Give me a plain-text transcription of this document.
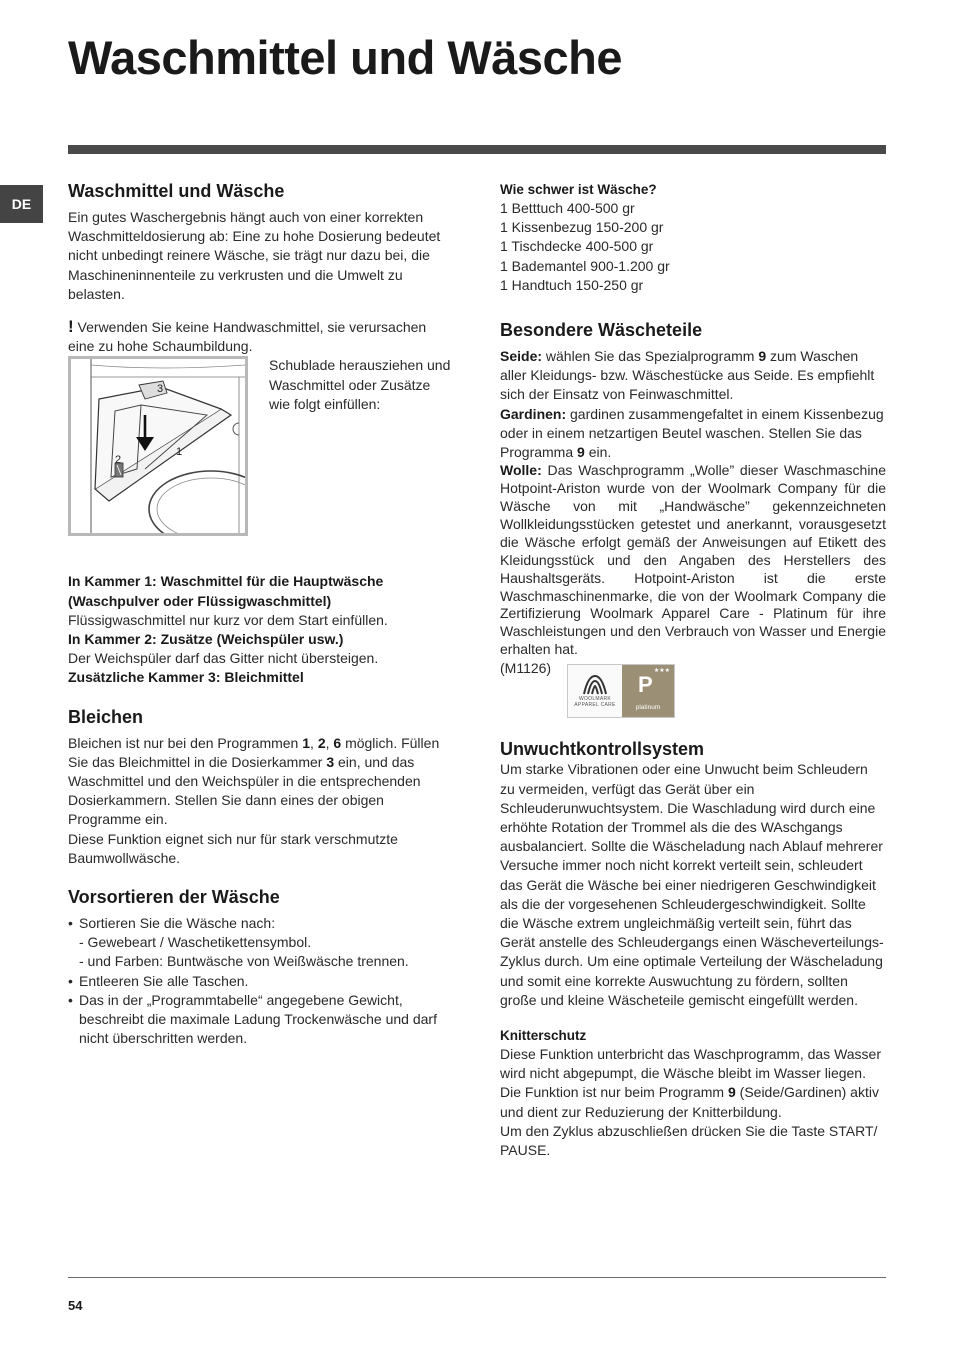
Waschmittel und Wäsche
DE
Waschmittel und Wäsche

Ein gutes Waschergebnis hängt auch von einer korrekten Waschmitteldosierung ab: Eine zu hohe Dosierung bedeutet nicht unbedingt reinere Wäsche, sie trägt nur dazu bei, die Maschineninnenteile zu verkrusten und die Umwelt zu belasten.

! Verwenden Sie keine Handwaschmittel, sie verursachen eine zu hohe Schaumbildung.

3
2
1

Schublade herausziehen und Waschmittel oder Zusätze wie folgt einfüllen:

In Kammer 1: Waschmittel für die Hauptwäsche (Waschpulver oder Flüssigwaschmittel)

Flüssigwaschmittel nur kurz vor dem Start einfüllen.

In Kammer 2: Zusätze (Weichspüler usw.)

Der Weichspüler darf das Gitter nicht übersteigen.

Zusätzliche Kammer 3: Bleichmittel
Bleichen

Bleichen ist nur bei den Programmen 1, 2, 6 möglich. Füllen Sie das Bleichmittel in die Dosierkammer 3 ein, und das Waschmittel und den Weichspüler in die entsprechenden Dosierkammern. Stellen Sie dann eines der obigen Programme ein.

Diese Funktion eignet sich nur für stark verschmutzte Baumwollwäsche.

Vorsortieren der Wäsche
• Sortieren Sie die Wäsche nach:
- Gewebeart / Waschetikettensymbol.
- und Farben: Buntwäsche von Weißwäsche trennen.
• Entleeren Sie alle Taschen.
• Das in der „Programmtabelle“ angegebene Gewicht, beschreibt die maximale Ladung Trockenwäsche und darf nicht überschritten werden.
Wie schwer ist Wäsche?

1 Betttuch 400-500 gr

1 Kissenbezug 150-200 gr

1 Tischdecke 400-500 gr

1 Bademantel 900-1.200 gr

1 Handtuch 150-250 gr

Besondere Wäscheteile

Seide: wählen Sie das Spezialprogramm 9 zum Waschen aller Kleidungs- bzw. Wäschestücke aus Seide. Es empfiehlt sich der Einsatz von Feinwaschmittel.

Gardinen: gardinen zusammengefaltet in einem Kissenbezug oder in einem netzartigen Beutel waschen. Stellen Sie das Programma 9 ein.

Wolle: Das Waschprogramm „Wolle” dieser Waschmaschine Hotpoint-Ariston wurde von der Woolmark Company für die Wäsche von mit „Handwäsche” gekennzeichneten Wollkleidungsstücken getestet und anerkannt, vorausgesetzt die Wäsche erfolgt gemäß der Anweisungen auf Etikett des Kleidungsstück und den Angaben des Herstellers des Haushaltsgeräts. Hotpoint-Ariston ist die erste Waschmaschinenmarke, die von der Woolmark Company die Zertifizierung Woolmark Apparel Care - Platinum für ihre Waschleistungen und den Verbrauch von Wasser und Energie erhalten hat.

(M1126)

WOOLMARK
APPAREL CARE
★★★
P
platinum
Unwuchtkontrollsystem

Um starke Vibrationen oder eine Unwucht beim Schleudern zu vermeiden, verfügt das Gerät über ein Schleuderunwuchtsystem. Die Waschladung wird durch eine erhöhte Rotation der Trommel als die des WAschgangs ausbalanciert. Sollte die Wäscheladung nach Ablauf mehrerer Versuche immer noch nicht korrekt verteilt sein, schleudert das Gerät die Wäsche bei einer niedrigeren Geschwindigkeit als die der vorgesehenen Schleudergeschwindigkeit. Sollte die Wäsche extrem ungleichmäßig verteilt sein, führt das Gerät anstelle des Schleudergangs einen Wäscheverteilungs-Zyklus durch. Um eine optimale Verteilung der Wäscheladung und somit eine korrekte Auswuchtung zu fördern, sollten große und kleine Wäscheteile gemischt eingefüllt werden.

Knitterschutz

Diese Funktion unterbricht das Waschprogramm, das Wasser wird nicht abgepumpt, die Wäsche bleibt im Wasser liegen. Die Funktion ist nur beim Programm 9 (Seide/Gardinen) aktiv und dient zur Reduzierung der Knitterbildung.

Um den Zyklus abzuschließen drücken Sie die Taste START/ PAUSE.

54
